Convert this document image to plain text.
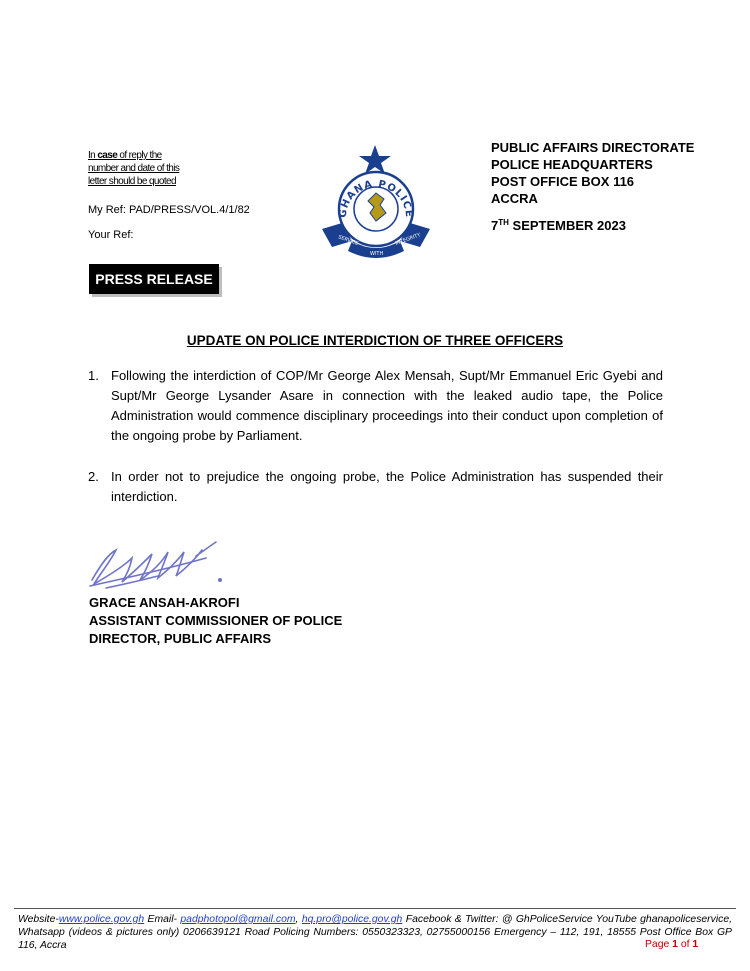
In case of reply the
number and date of this
letter should be quoted
My Ref: PAD/PRESS/VOL.4/1/82
Your Ref:
PRESS RELEASE
GHANA POLICE
SERVICE
WITH
INTEGRITY
PUBLIC AFFAIRS DIRECTORATE
POLICE HEADQUARTERS
POST OFFICE BOX 116
ACCRA
7TH SEPTEMBER 2023
UPDATE ON POLICE INTERDICTION OF THREE OFFICERS
1. Following the interdiction of COP/Mr George Alex Mensah, Supt/Mr Emmanuel Eric Gyebi and Supt/Mr George Lysander Asare in connection with the leaked audio tape, the Police Administration would commence disciplinary proceedings into their conduct upon completion of the ongoing probe by Parliament.
2. In order not to prejudice the ongoing probe, the Police Administration has suspended their interdiction.
GRACE ANSAH-AKROFI
ASSISTANT COMMISSIONER OF POLICE
DIRECTOR, PUBLIC AFFAIRS
Website-www.police.gov.gh Email- padphotopol@gmail.com, hq.pro@police.gov.gh Facebook & Twitter: @ GhPoliceService YouTube ghanapoliceservice, Whatsapp (videos & pictures only) 0206639121 Road Policing Numbers: 0550323323, 02755000156 Emergency – 112, 191, 18555 Post Office Box GP 116, Accra	Page 1 of 1
